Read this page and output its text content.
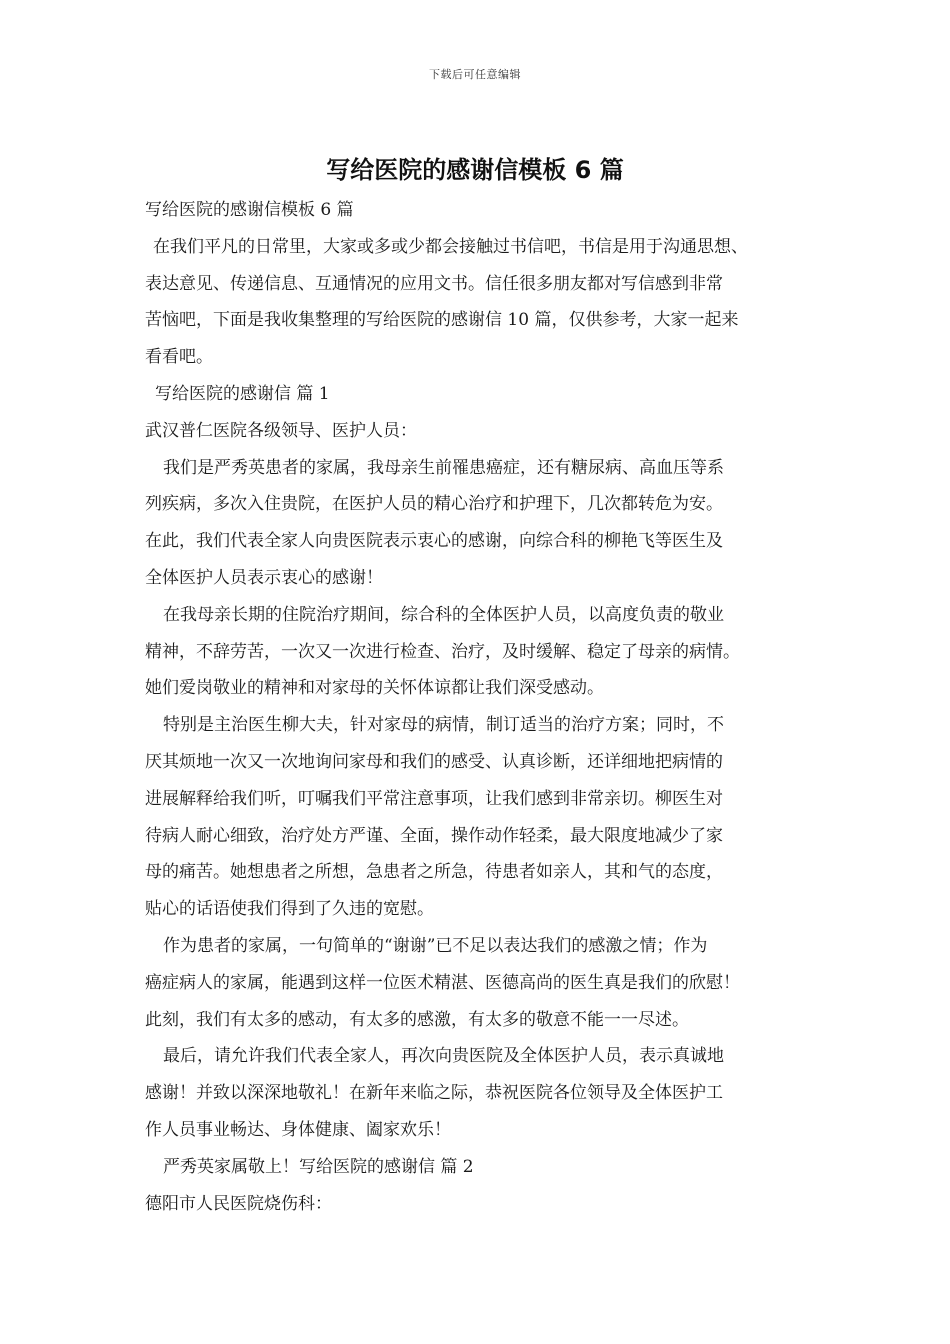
下载后可任意编辑
写给医院的感谢信模板 6 篇
写给医院的感谢信模板 6 篇
在我们平凡的日常里，大家或多或少都会接触过书信吧，书信是用于沟通思想、
表达意见、传递信息、互通情况的应用文书。信任很多朋友都对写信感到非常
苦恼吧，下面是我收集整理的写给医院的感谢信 10 篇，仅供参考，大家一起来
看看吧。
写给医院的感谢信 篇 1
武汉普仁医院各级领导、医护人员：
我们是严秀英患者的家属，我母亲生前罹患癌症，还有糖尿病、高血压等系
列疾病，多次入住贵院，在医护人员的精心治疗和护理下，几次都转危为安。
在此，我们代表全家人向贵医院表示衷心的感谢，向综合科的柳艳飞等医生及
全体医护人员表示衷心的感谢！
在我母亲长期的住院治疗期间，综合科的全体医护人员，以高度负责的敬业
精神，不辞劳苦，一次又一次进行检查、治疗，及时缓解、稳定了母亲的病情。
她们爱岗敬业的精神和对家母的关怀体谅都让我们深受感动。
特别是主治医生柳大夫，针对家母的病情，制订适当的治疗方案；同时，不
厌其烦地一次又一次地询问家母和我们的感受、认真诊断，还详细地把病情的
进展解释给我们听，叮嘱我们平常注意事项，让我们感到非常亲切。柳医生对
待病人耐心细致，治疗处方严谨、全面，操作动作轻柔，最大限度地减少了家
母的痛苦。她想患者之所想，急患者之所急，待患者如亲人，其和气的态度，
贴心的话语使我们得到了久违的宽慰。
作为患者的家属，一句简单的“谢谢”已不足以表达我们的感激之情；作为
癌症病人的家属，能遇到这样一位医术精湛、医德高尚的医生真是我们的欣慰！
此刻，我们有太多的感动，有太多的感激，有太多的敬意不能一一尽述。
最后，请允许我们代表全家人，再次向贵医院及全体医护人员，表示真诚地
感谢！并致以深深地敬礼！在新年来临之际，恭祝医院各位领导及全体医护工
作人员事业畅达、身体健康、阖家欢乐！
严秀英家属敬上！写给医院的感谢信 篇 2
德阳市人民医院烧伤科：
